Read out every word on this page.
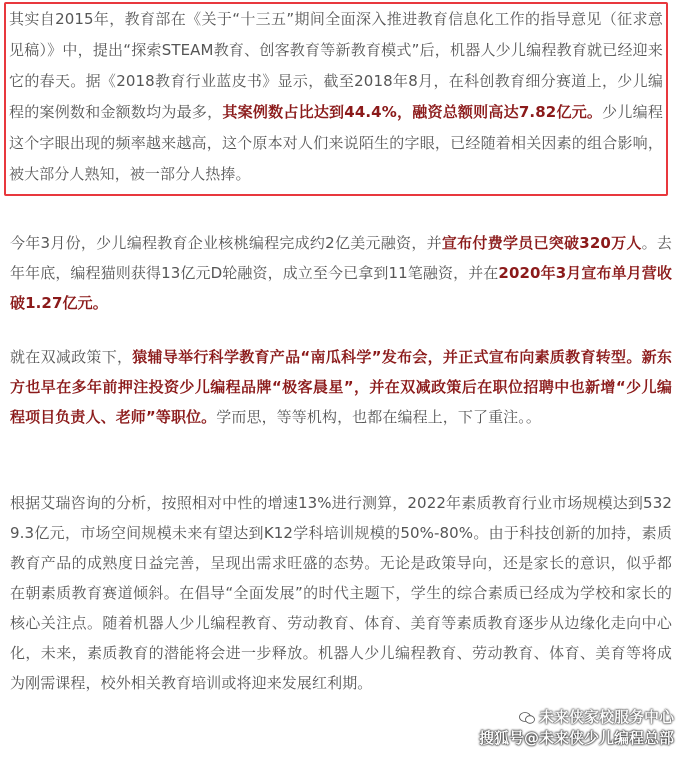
其实自2015年，教育部在《关于“十三五”期间全面深入推进教育信息化工作的指导意见（征求意见稿）》中，提出“探索STEAM教育、创客教育等新教育模式”后，机器人少儿编程教育就已经迎来它的春天。据《2018教育行业蓝皮书》显示，截至2018年8月，在科创教育细分赛道上，少儿编程的案例数和金额数均为最多，其案例数占比达到44.4%，融资总额则高达7.82亿元。少儿编程这个字眼出现的频率越来越高，这个原本对人们来说陌生的字眼，已经随着相关因素的组合影响，被大部分人熟知，被一部分人热捧。

今年3月份，少儿编程教育企业核桃编程完成约2亿美元融资，并宣布付费学员已突破320万人。去年年底，编程猫则获得13亿元D轮融资，成立至今已拿到11笔融资，并在2020年3月宣布单月营收破1.27亿元。

就在双减政策下，猿辅导举行科学教育产品“南瓜科学”发布会，并正式宣布向素质教育转型。新东方也早在多年前押注投资少儿编程品牌“极客晨星”，并在双减政策后在职位招聘中也新增“少儿编程项目负责人、老师”等职位。学而思，等等机构，也都在编程上，下了重注。。

根据艾瑞咨询的分析，按照相对中性的增速13%进行测算，2022年素质教育行业市场规模达到5329.3亿元，市场空间规模未来有望达到K12学科培训规模的50%-80%。由于科技创新的加持，素质教育产品的成熟度日益完善，呈现出需求旺盛的态势。无论是政策导向，还是家长的意识，似乎都在朝素质教育赛道倾斜。在倡导“全面发展”的时代主题下，学生的综合素质已经成为学校和家长的核心关注点。随着机器人少儿编程教育、劳动教育、体育、美育等素质教育逐步从边缘化走向中心化，未来，素质教育的潜能将会进一步释放。机器人少儿编程教育、劳动教育、体育、美育等将成为刚需课程，校外相关教育培训或将迎来发展红利期。

未来侠家校服务中心
搜狐号@未来侠少儿编程总部
